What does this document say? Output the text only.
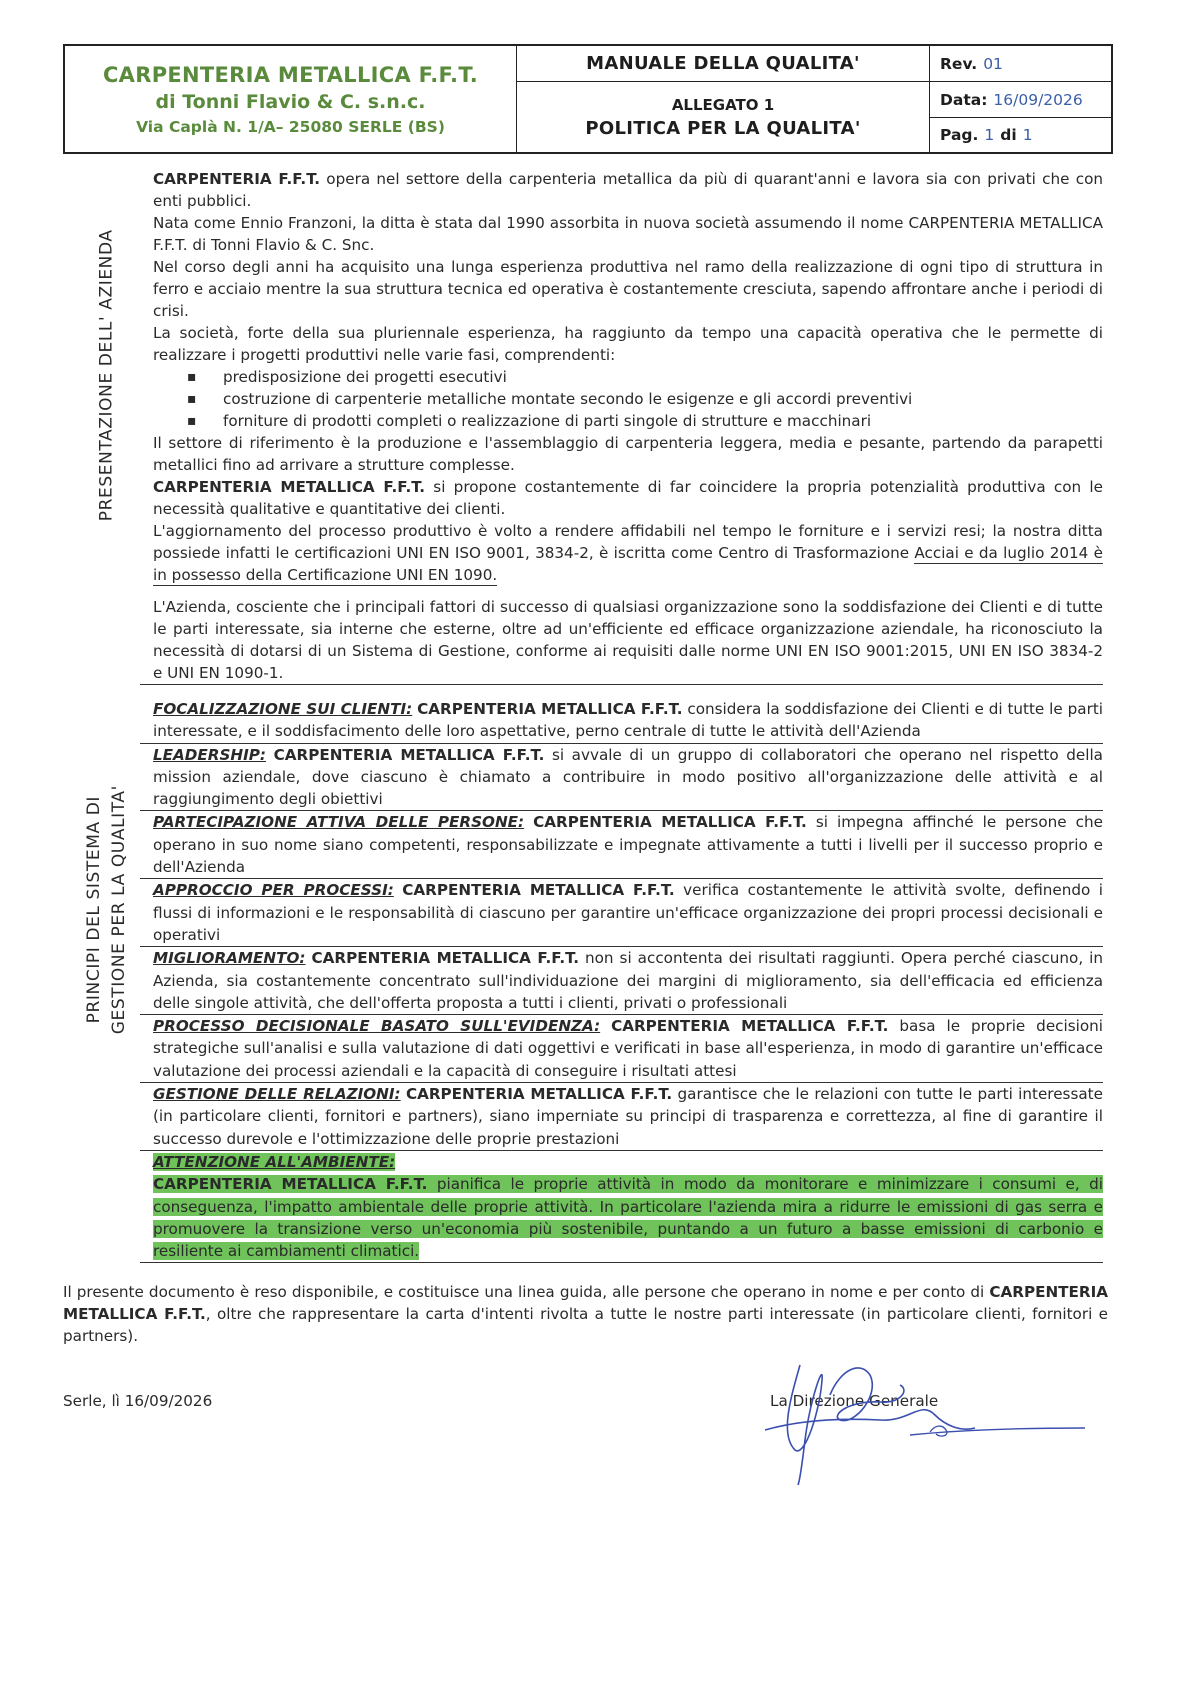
CARPENTERIA METALLICA F.F.T.
di Tonni Flavio & C. s.n.c.
Via Caplà N. 1/A– 25080 SERLE (BS)
MANUALE DELLA QUALITA'
ALLEGATO 1
POLITICA PER LA QUALITA'
Rev. 01
Data: 16/09/2026
Pag. 1 di 1
PRESENTAZIONE DELL' AZIENDA
PRINCIPI DEL SISTEMA DI GESTIONE PER LA QUALITA'

CARPENTERIA F.F.T. opera nel settore della carpenteria metallica da più di quarant'anni e lavora sia con privati che con enti pubblici.

Nata come Ennio Franzoni, la ditta è stata dal 1990 assorbita in nuova società assumendo il nome CARPENTERIA METALLICA F.F.T. di Tonni Flavio & C. Snc.

Nel corso degli anni ha acquisito una lunga esperienza produttiva nel ramo della realizzazione di ogni tipo di struttura in ferro e acciaio mentre la sua struttura tecnica ed operativa è costantemente cresciuta, sapendo affrontare anche i periodi di crisi.

La società, forte della sua pluriennale esperienza, ha raggiunto da tempo una capacità operativa che le permette di realizzare i progetti produttivi nelle varie fasi, comprendenti:

▪ predisposizione dei progetti esecutivi
▪ costruzione di carpenterie metalliche montate secondo le esigenze e gli accordi preventivi
▪ forniture di prodotti completi o realizzazione di parti singole di strutture e macchinari

Il settore di riferimento è la produzione e l'assemblaggio di carpenteria leggera, media e pesante, partendo da parapetti metallici fino ad arrivare a strutture complesse.

CARPENTERIA METALLICA F.F.T. si propone costantemente di far coincidere la propria potenzialità produttiva con le necessità qualitative e quantitative dei clienti.

L'aggiornamento del processo produttivo è volto a rendere affidabili nel tempo le forniture e i servizi resi; la nostra ditta possiede infatti le certificazioni UNI EN ISO 9001, 3834-2, è iscritta come Centro di Trasformazione Acciai e da luglio 2014 è in possesso della Certificazione UNI EN 1090.

L'Azienda, cosciente che i principali fattori di successo di qualsiasi organizzazione sono la soddisfazione dei Clienti e di tutte le parti interessate, sia interne che esterne, oltre ad un'efficiente ed efficace organizzazione aziendale, ha riconosciuto la necessità di dotarsi di un Sistema di Gestione, conforme ai requisiti dalle norme UNI EN ISO 9001:2015, UNI EN ISO 3834-2 e UNI EN 1090-1.
FOCALIZZAZIONE SUI CLIENTI: CARPENTERIA METALLICA F.F.T. considera la soddisfazione dei Clienti e di tutte le parti interessate, e il soddisfacimento delle loro aspettative, perno centrale di tutte le attività dell'Azienda
LEADERSHIP: CARPENTERIA METALLICA F.F.T. si avvale di un gruppo di collaboratori che operano nel rispetto della mission aziendale, dove ciascuno è chiamato a contribuire in modo positivo all'organizzazione delle attività e al raggiungimento degli obiettivi
PARTECIPAZIONE ATTIVA DELLE PERSONE: CARPENTERIA METALLICA F.F.T. si impegna affinché le persone che operano in suo nome siano competenti, responsabilizzate e impegnate attivamente a tutti i livelli per il successo proprio e dell'Azienda
APPROCCIO PER PROCESSI: CARPENTERIA METALLICA F.F.T. verifica costantemente le attività svolte, definendo i flussi di informazioni e le responsabilità di ciascuno per garantire un'efficace organizzazione dei propri processi decisionali e operativi
MIGLIORAMENTO: CARPENTERIA METALLICA F.F.T. non si accontenta dei risultati raggiunti. Opera perché ciascuno, in Azienda, sia costantemente concentrato sull'individuazione dei margini di miglioramento, sia dell'efficacia ed efficienza delle singole attività, che dell'offerta proposta a tutti i clienti, privati o professionali
PROCESSO DECISIONALE BASATO SULL'EVIDENZA: CARPENTERIA METALLICA F.F.T. basa le proprie decisioni strategiche sull'analisi e sulla valutazione di dati oggettivi e verificati in base all'esperienza, in modo di garantire un'efficace valutazione dei processi aziendali e la capacità di conseguire i risultati attesi
GESTIONE DELLE RELAZIONI: CARPENTERIA METALLICA F.F.T. garantisce che le relazioni con tutte le parti interessate (in particolare clienti, fornitori e partners), siano imperniate su principi di trasparenza e correttezza, al fine di garantire il successo durevole e l'ottimizzazione delle proprie prestazioni
ATTENZIONE ALL'AMBIENTE:
CARPENTERIA METALLICA F.F.T. pianifica le proprie attività in modo da monitorare e minimizzare i consumi e, di conseguenza, l'impatto ambientale delle proprie attività. In particolare l'azienda mira a ridurre le emissioni di gas serra e promuovere la transizione verso un'economia più sostenibile, puntando a un futuro a basse emissioni di carbonio e resiliente ai cambiamenti climatici.
Il presente documento è reso disponibile, e costituisce una linea guida, alle persone che operano in nome e per conto di CARPENTERIA METALLICA F.F.T., oltre che rappresentare la carta d'intenti rivolta a tutte le nostre parti interessate (in particolare clienti, fornitori e partners).
Serle, lì 16/09/2026	La Direzione Generale
